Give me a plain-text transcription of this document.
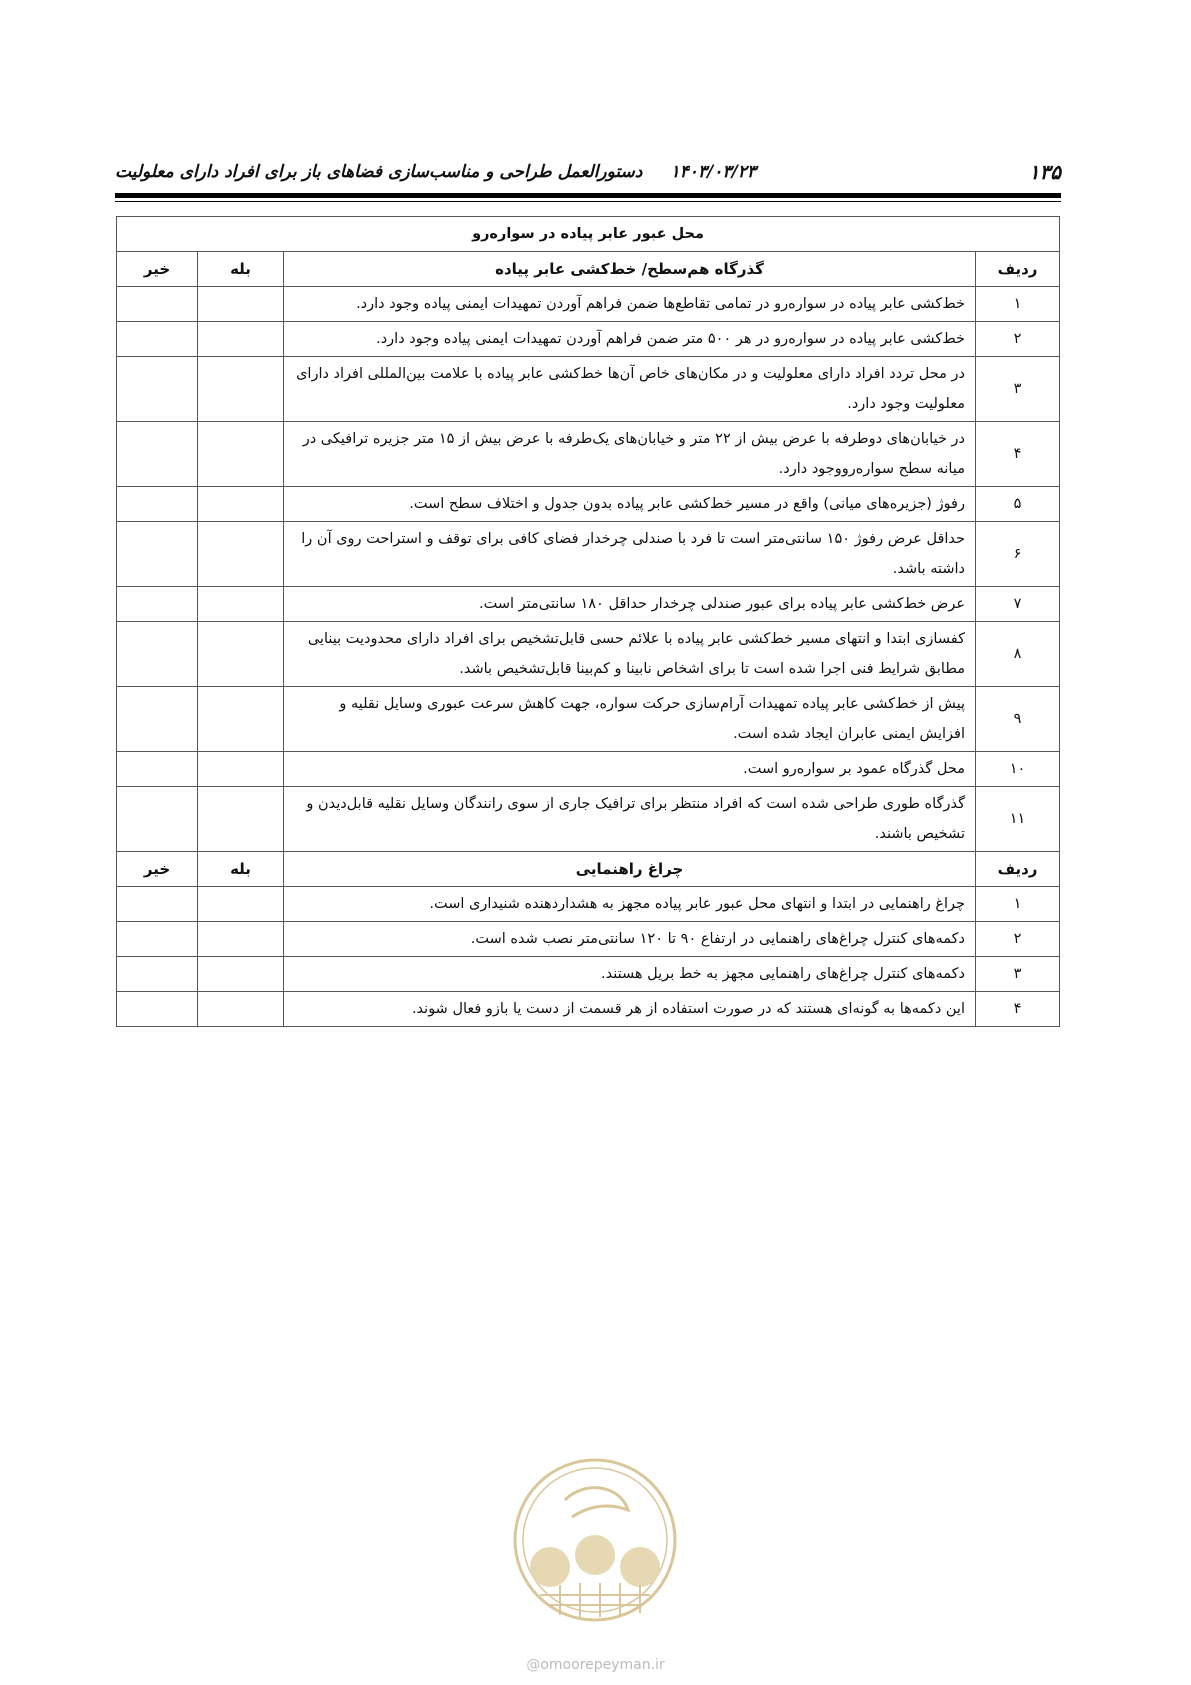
۱۳۵
۱۴۰۳/۰۳/۲۳
دستورالعمل طراحی و مناسب‌سازی فضاهای باز برای افراد دارای معلولیت
محل عبور عابر پیاده در سواره‌رو			
ردیف	گذرگاه هم‌سطح/ خط‌کشی عابر پیاده	بله	خیر
۱	خط‌کشی عابر پیاده در سواره‌رو در تمامی تقاطع‌ها ضمن فراهم آوردن تمهیدات ایمنی پیاده وجود دارد.		
۲	خط‌کشی عابر پیاده در سواره‌رو در هر ۵۰۰ متر ضمن فراهم آوردن تمهیدات ایمنی پیاده وجود دارد.		
۳	در محل تردد افراد دارای معلولیت و در مکان‌های خاص آن‌ها خط‌کشی عابر پیاده با علامت بین‌المللی افراد دارای معلولیت وجود دارد.		
۴	در خیابان‌های دوطرفه با عرض بیش از ۲۲ متر و خیابان‌های یک‌طرفه با عرض بیش از ۱۵ متر جزیره ترافیکی در میانه سطح سواره‌رووجود دارد.		
۵	رفوژ (جزیره‌های میانی) واقع در مسیر خط‌کشی عابر پیاده بدون جدول و اختلاف سطح است.		
۶	حداقل عرض رفوژ ۱۵۰ سانتی‌متر است تا فرد با صندلی چرخدار فضای کافی برای توقف و استراحت روی آن را داشته باشد.		
۷	عرض خط‌کشی عابر پیاده برای عبور صندلی چرخدار حداقل ۱۸۰ سانتی‌متر است.		
۸	کفسازی ابتدا و انتهای مسیر خط‌کشی عابر پیاده با علائم حسی قابل‌تشخیص برای افراد دارای محدودیت بینایی مطابق شرایط فنی اجرا شده است تا برای اشخاص نابینا و کم‌بینا قابل‌تشخیص باشد.		
۹	پیش از خط‌کشی عابر پیاده تمهیدات آرام‌سازی حرکت سواره، جهت کاهش سرعت عبوری وسایل نقلیه و افزایش ایمنی عابران ایجاد شده است.		
۱۰	محل گذرگاه عمود بر سواره‌رو است.		
۱۱	گذرگاه طوری طراحی شده است که افراد منتظر برای ترافیک جاری از سوی رانندگان وسایل نقلیه قابل‌دیدن و تشخیص باشند.		
ردیف	چراغ راهنمایی	بله	خیر
۱	چراغ راهنمایی در ابتدا و انتهای محل عبور عابر پیاده مجهز به هشداردهنده شنیداری است.		
۲	دکمه‌های کنترل چراغ‌های راهنمایی در ارتفاع ۹۰ تا ۱۲۰ سانتی‌متر نصب شده است.		
۳	دکمه‌های کنترل چراغ‌های راهنمایی مجهز به خط بریل هستند.		
۴	این دکمه‌ها به گونه‌ای هستند که در صورت استفاده از هر قسمت از دست یا بازو فعال شوند.		
@omoorepeyman.ir
